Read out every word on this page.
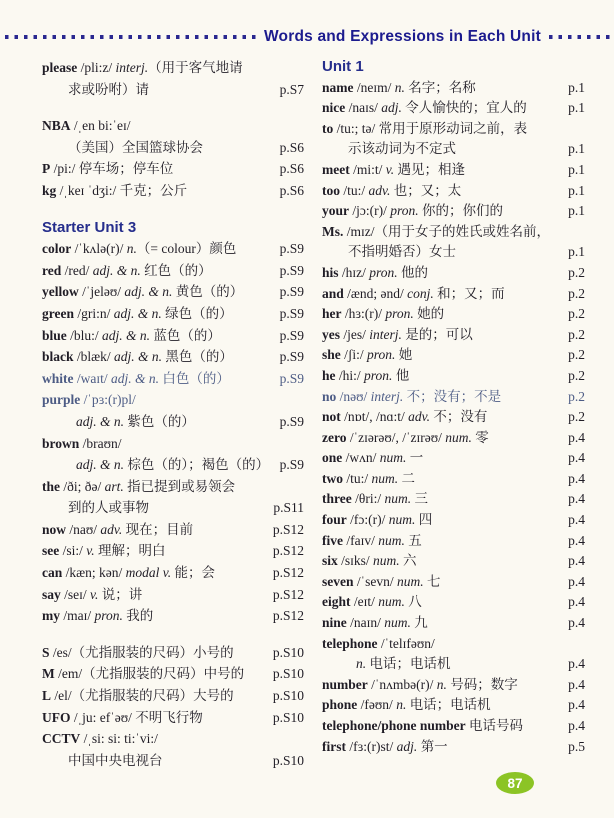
Words and Expressions in Each Unit
please /pli:z/ interj.（用于客气地请
求或吩咐）请	p.S7
NBA /ˌen bi:ˈeɪ/
（美国）全国篮球协会	p.S6
P /pi:/ 停车场；停车位	p.S6
kg /ˌkeɪ ˈdʒi:/ 千克；公斤	p.S6
Starter Unit 3
color /ˈkʌlə(r)/ n.（= colour）颜色	p.S9
red /red/ adj. & n. 红色（的）	p.S9
yellow /ˈjeləʊ/ adj. & n. 黄色（的）	p.S9
green /gri:n/ adj. & n. 绿色（的）	p.S9
blue /blu:/ adj. & n. 蓝色（的）	p.S9
black /blæk/ adj. & n. 黑色（的）	p.S9
white /waɪt/ adj. & n. 白色（的）	p.S9
purple /ˈpɜ:(r)pl/
adj. & n. 紫色（的）	p.S9
brown /braʊn/
adj. & n. 棕色（的）；褐色（的） p.S9
the /ði; ðə/ art. 指已提到或易领会
到的人或事物	p.S11
now /naʊ/ adv. 现在；目前	p.S12
see /si:/ v. 理解；明白	p.S12
can /kæn; kən/ modal v. 能；会	p.S12
say /seɪ/ v. 说；讲	p.S12
my /maɪ/ pron. 我的	p.S12
S /es/（尤指服装的尺码）小号的	p.S10
M /em/（尤指服装的尺码）中号的	p.S10
L /el/（尤指服装的尺码）大号的	p.S10
UFO /ˌju: efˈəʊ/ 不明飞行物	p.S10
CCTV /ˌsi: si: ti:ˈvi:/
中国中央电视台	p.S10
Unit 1
name /neɪm/ n. 名字；名称	p.1
nice /naɪs/ adj. 令人愉快的；宜人的	p.1
to /tu:; tə/ 常用于原形动词之前，表
示该动词为不定式	p.1
meet /mi:t/ v. 遇见；相逢	p.1
too /tu:/ adv. 也；又；太	p.1
your /jɔ:(r)/ pron. 你的；你们的	p.1
Ms. /mɪz/（用于女子的姓氏或姓名前，
不指明婚否）女士	p.1
his /hɪz/ pron. 他的	p.2
and /ænd; ənd/ conj. 和；又；而	p.2
her /hɜ:(r)/ pron. 她的	p.2
yes /jes/ interj. 是的；可以	p.2
she /ʃi:/ pron. 她	p.2
he /hi:/ pron. 他	p.2
no /nəʊ/ interj. 不；没有；不是	p.2
not /nɒt/, /nɑ:t/ adv. 不；没有	p.2
zero /ˈzɪərəʊ/, /ˈzɪrəʊ/ num. 零	p.4
one /wʌn/ num. 一	p.4
two /tu:/ num. 二	p.4
three /θri:/ num. 三	p.4
four /fɔ:(r)/ num. 四	p.4
five /faɪv/ num. 五	p.4
six /sɪks/ num. 六	p.4
seven /ˈsevn/ num. 七	p.4
eight /eɪt/ num. 八	p.4
nine /naɪn/ num. 九	p.4
telephone /ˈtelɪfəʊn/
n. 电话；电话机	p.4
number /ˈnʌmbə(r)/ n. 号码；数字	p.4
phone /fəʊn/ n. 电话；电话机	p.4
telephone/phone number 电话号码	p.4
first /fɜ:(r)st/ adj. 第一	p.5
87
